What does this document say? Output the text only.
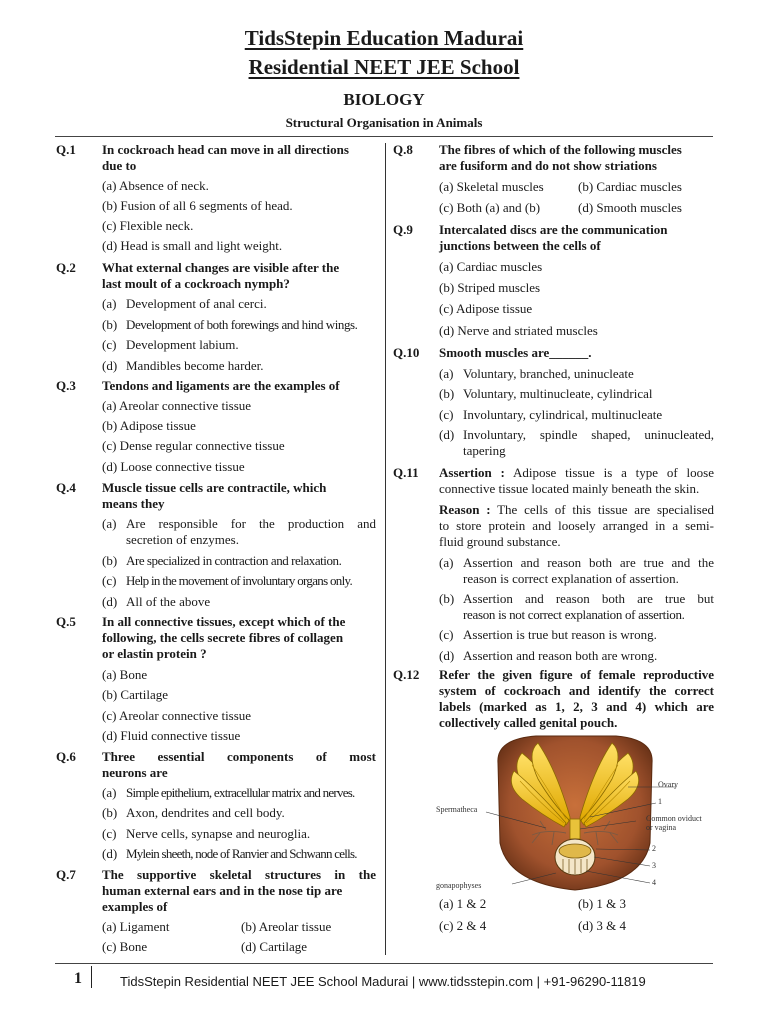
TidsStepin Education Madurai
Residential NEET JEE School
BIOLOGY
Structural Organisation in Animals
Q.1 In cockroach head can move in all directions
due to
(a) Absence of neck.
(b) Fusion of all 6 segments of head.
(c) Flexible neck.
(d) Head is small and light weight.
Q.2 What external changes are visible after the
last moult of a cockroach nymph?
(a) Development of anal cerci.
(b) Development of both forewings and hind wings.
(c) Development labium.
(d) Mandibles become harder.
Q.3 Tendons and ligaments are the examples of
(a) Areolar connective tissue
(b) Adipose tissue
(c) Dense regular connective tissue
(d) Loose connective tissue
Q.4 Muscle tissue cells are contractile, which
means they
(a) Are responsible for the production and
secretion of enzymes.
(b) Are specialized in contraction and relaxation.
(c) Help in the movement of involuntary organs only.
(d) All of the above
Q.5 In all connective tissues, except which of the
following, the cells secrete fibres of collagen
or elastin protein ?
(a) Bone
(b) Cartilage
(c) Areolar connective tissue
(d) Fluid connective tissue
Q.6 Three essential components of most
neurons are
(a) Simple epithelium, extracellular matrix and nerves.
(b) Axon, dendrites and cell body.
(c) Nerve cells, synapse and neuroglia.
(d) Mylein sheeth, node of Ranvier and Schwann cells.
Q.7 The supportive skeletal structures in the
human external ears and in the nose tip are
examples of
(a) Ligament	(b) Areolar tissue
(c) Bone	(d) Cartilage
Q.8 The fibres of which of the following muscles
are fusiform and do not show striations
(a) Skeletal muscles	(b) Cardiac muscles
(c) Both (a) and (b)	(d) Smooth muscles
Q.9 Intercalated discs are the communication
junctions between the cells of
(a) Cardiac muscles
(b) Striped muscles
(c) Adipose tissue
(d) Nerve and striated muscles
Q.10 Smooth muscles are______.
(a) Voluntary, branched, uninucleate
(b) Voluntary, multinucleate, cylindrical
(c) Involuntary, cylindrical, multinucleate
(d) Involuntary, spindle shaped, uninucleated,
tapering
Q.11 Assertion : Adipose tissue is a type of loose
connective tissue located mainly beneath the skin.
Reason : The cells of this tissue are specialised
to store protein and loosely arranged in a semi-
fluid ground substance.
(a) Assertion and reason both are true and the
reason is correct explanation of assertion.
(b) Assertion and reason both are true but
reason is not correct explanation of assertion.
(c) Assertion is true but reason is wrong.
(d) Assertion and reason both are wrong.
Q.12 Refer the given figure of female reproductive
system of cockroach and identify the correct
labels (marked as 1, 2, 3 and 4) which are
collectively called genital pouch.
Ovary
1
Spermatheca
Common oviduct
or vagina
2
3
4
gonapophyses
(a) 1 & 2	(b) 1 & 3
(c) 2 & 4	(d) 3 & 4
1	TidsStepin Residential NEET JEE School Madurai | www.tidsstepin.com | +91-96290-11819
